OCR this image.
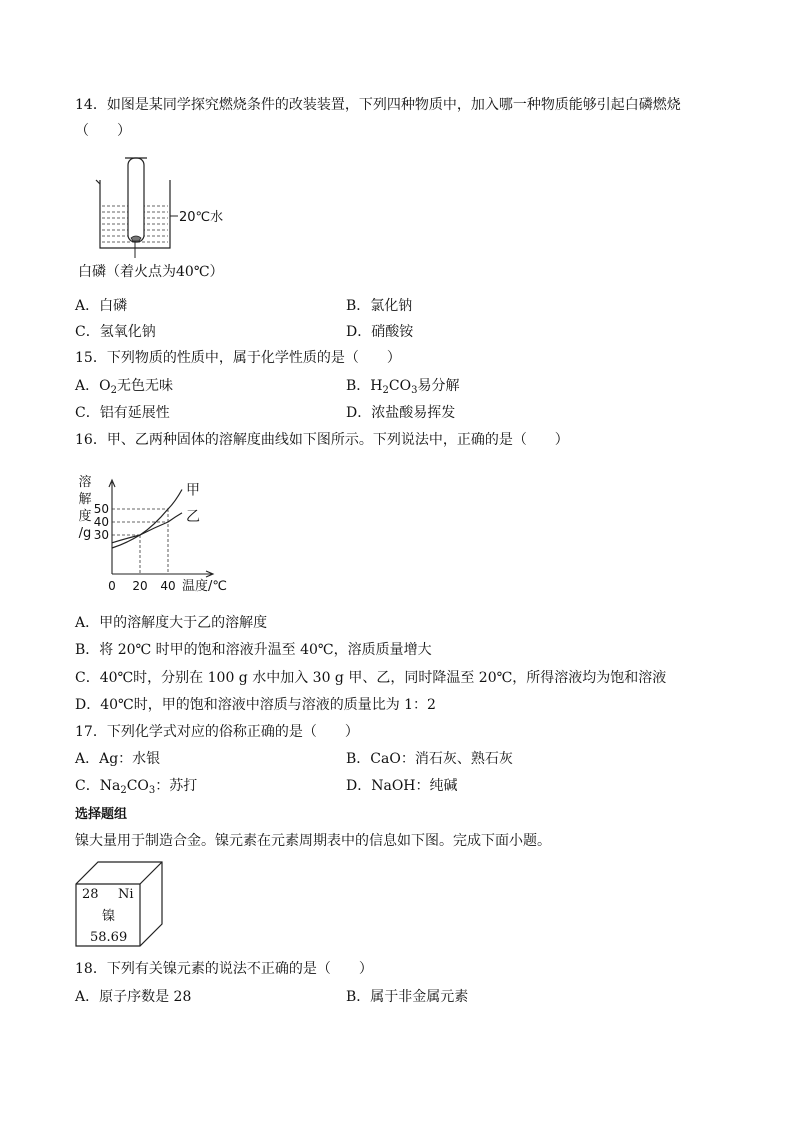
14．如图是某同学探究燃烧条件的改装装置，下列四种物质中，加入哪一种物质能够引起白磷燃烧
（　　）
20℃水
白磷（着火点为40℃）
A．白磷	B．氯化钠
C．氢氧化钠	D．硝酸铵
15．下列物质的性质中，属于化学性质的是（　　）
A．$O_2$无色无味	B．$H_2CO_3$易分解
C．铝有延展性	D．浓盐酸易挥发
16．甲、乙两种固体的溶解度曲线如下图所示。下列说法中，正确的是（　　）
30
40
50
0 20 40 温度/℃
溶
解
度
/g
甲
乙
A．甲的溶解度大于乙的溶解度
B．将 20℃ 时甲的饱和溶液升温至 40℃，溶质质量增大
C．40℃时，分别在 100 g 水中加入 30 g 甲、乙，同时降温至 20℃，所得溶液均为饱和溶液
D．40℃时，甲的饱和溶液中溶质与溶液的质量比为 1：2
17．下列化学式对应的俗称正确的是（　　）
A．Ag：水银	B．CaO：消石灰、熟石灰
C．$Na_2CO_3$：苏打	D．NaOH：纯碱
选择题组
镍大量用于制造合金。镍元素在元素周期表中的信息如下图。完成下面小题。
28 Ni
镍
58.69
18．下列有关镍元素的说法不正确的是（　　）
A．原子序数是 28	B．属于非金属元素
